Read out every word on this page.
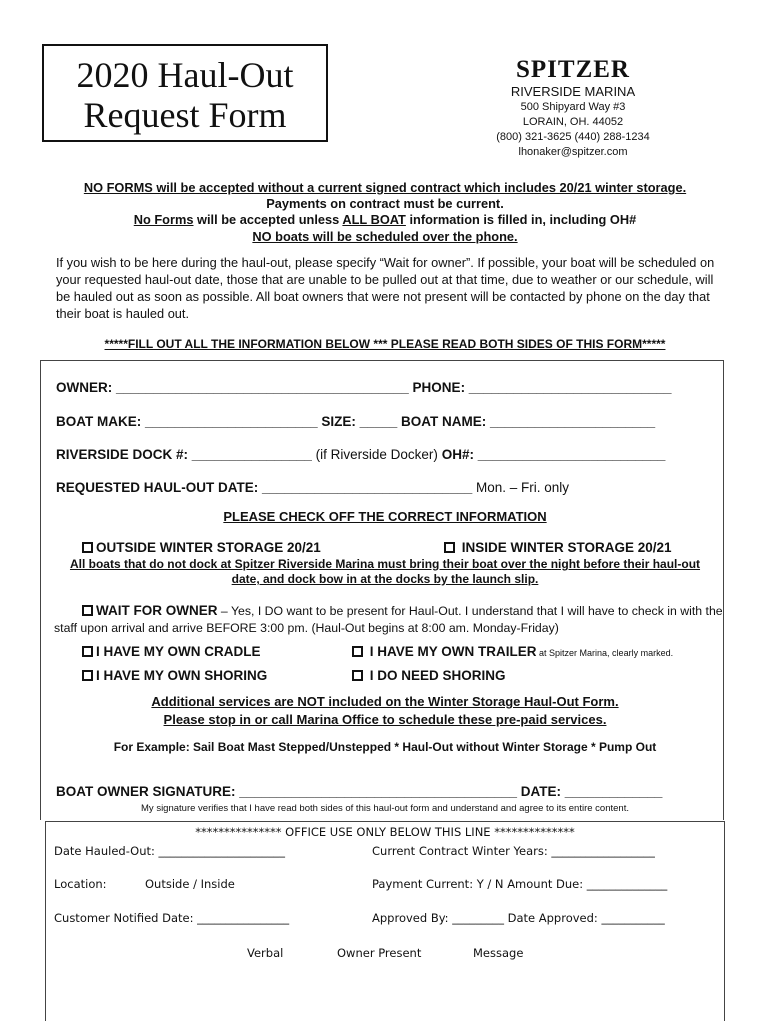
2020 Haul-Out
Request Form
SPITZER
RIVERSIDE MARINA
500 Shipyard Way #3
LORAIN, OH. 44052
(800) 321-3625 (440) 288-1234
lhonaker@spitzer.com
NO FORMS will be accepted without a current signed contract which includes 20/21 winter storage.
Payments on contract must be current.
No Forms will be accepted unless ALL BOAT information is filled in, including OH#
NO boats will be scheduled over the phone.
If you wish to be here during the haul-out, please specify “Wait for owner”. If possible, your boat will be scheduled on your requested haul-out date, those that are unable to be pulled out at that time, due to weather or our schedule, will be hauled out as soon as possible. All boat owners that were not present will be contacted by phone on the day that their boat is hauled out.
*****FILL OUT ALL THE INFORMATION BELOW *** PLEASE READ BOTH SIDES OF THIS FORM*****
OWNER: _______________________________________ PHONE: ___________________________
BOAT MAKE: _______________________ SIZE: _____ BOAT NAME: ______________________
RIVERSIDE DOCK #: ________________ (if Riverside Docker) OH#: _________________________
REQUESTED HAUL-OUT DATE: ____________________________ Mon. – Fri. only
PLEASE CHECK OFF THE CORRECT INFORMATION
OUTSIDE WINTER STORAGE 20/21	INSIDE WINTER STORAGE 20/21
All boats that do not dock at Spitzer Riverside Marina must bring their boat over the night before their haul-out date, and dock bow in at the docks by the launch slip.
WAIT FOR OWNER – Yes, I DO want to be present for Haul-Out. I understand that I will have to check in with the staff upon arrival and arrive BEFORE 3:00 pm. (Haul-Out begins at 8:00 am. Monday-Friday)
I HAVE MY OWN CRADLE	I HAVE MY OWN TRAILER at Spitzer Marina, clearly marked.
I HAVE MY OWN SHORING	I DO NEED SHORING
Additional services are NOT included on the Winter Storage Haul-Out Form.
Please stop in or call Marina Office to schedule these pre-paid services.
For Example: Sail Boat Mast Stepped/Unstepped * Haul-Out without Winter Storage * Pump Out
BOAT OWNER SIGNATURE: _____________________________________ DATE: _____________
My signature verifies that I have read both sides of this haul-out form and understand and agree to its entire content.
*************** OFFICE USE ONLY BELOW THIS LINE **************
Date Hauled-Out: ______________________	Current Contract Winter Years: __________________
Location:	Outside / Inside	Payment Current: Y / N Amount Due: ______________
Customer Notified Date: ________________	Approved By: _________ Date Approved: ___________
Verbal	Owner Present	Message
